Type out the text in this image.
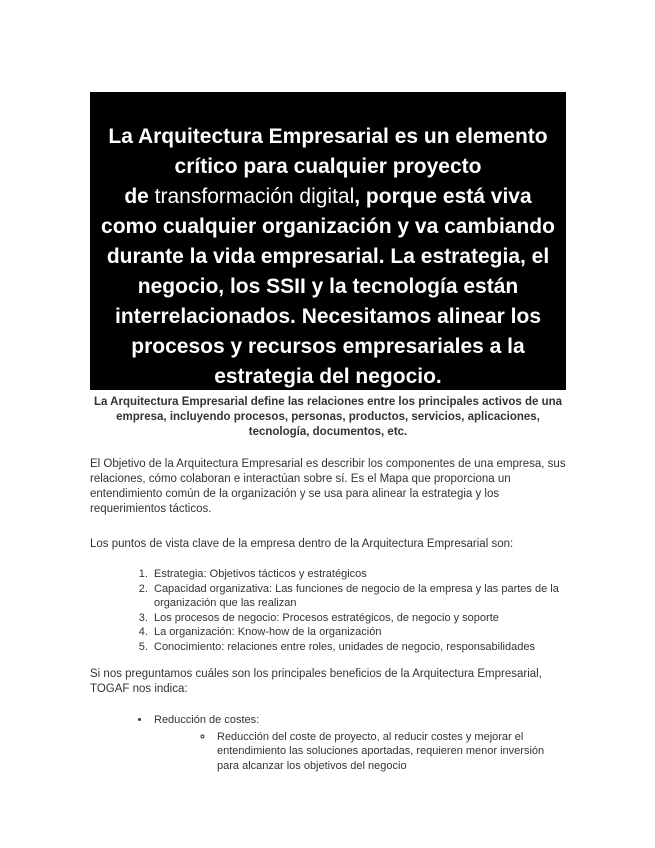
La Arquitectura Empresarial es un elemento crítico para cualquier proyecto
de transformación digital, porque está viva como cualquier organización y va cambiando durante la vida empresarial. La estrategia, el negocio, los SSII y la tecnología están interrelacionados. Necesitamos alinear los procesos y recursos empresariales a la estrategia del negocio.
La Arquitectura Empresarial define las relaciones entre los principales activos de una empresa, incluyendo procesos, personas, productos, servicios, aplicaciones, tecnología, documentos, etc.

El Objetivo de la Arquitectura Empresarial es describir los componentes de una empresa, sus relaciones, cómo colaboran e interactúan sobre sí. Es el Mapa que proporciona un entendimiento común de la organización y se usa para alinear la estrategia y los requerimientos tácticos.

Los puntos de vista clave de la empresa dentro de la Arquitectura Empresarial son:

1. Estrategia: Objetivos tácticos y estratégicos
2. Capacidad organizativa: Las funciones de negocio de la empresa y las partes de la organización que las realizan
3. Los procesos de negocio: Procesos estratégicos, de negocio y soporte
4. La organización: Know-how de la organización
5. Conocimiento: relaciones entre roles, unidades de negocio, responsabilidades

Si nos preguntamos cuáles son los principales beneficios de la Arquitectura Empresarial, TOGAF nos indica:

• Reducción de costes:
◦ Reducción del coste de proyecto, al reducir costes y mejorar el entendimiento las soluciones aportadas, requieren menor inversión para alcanzar los objetivos del negocio
